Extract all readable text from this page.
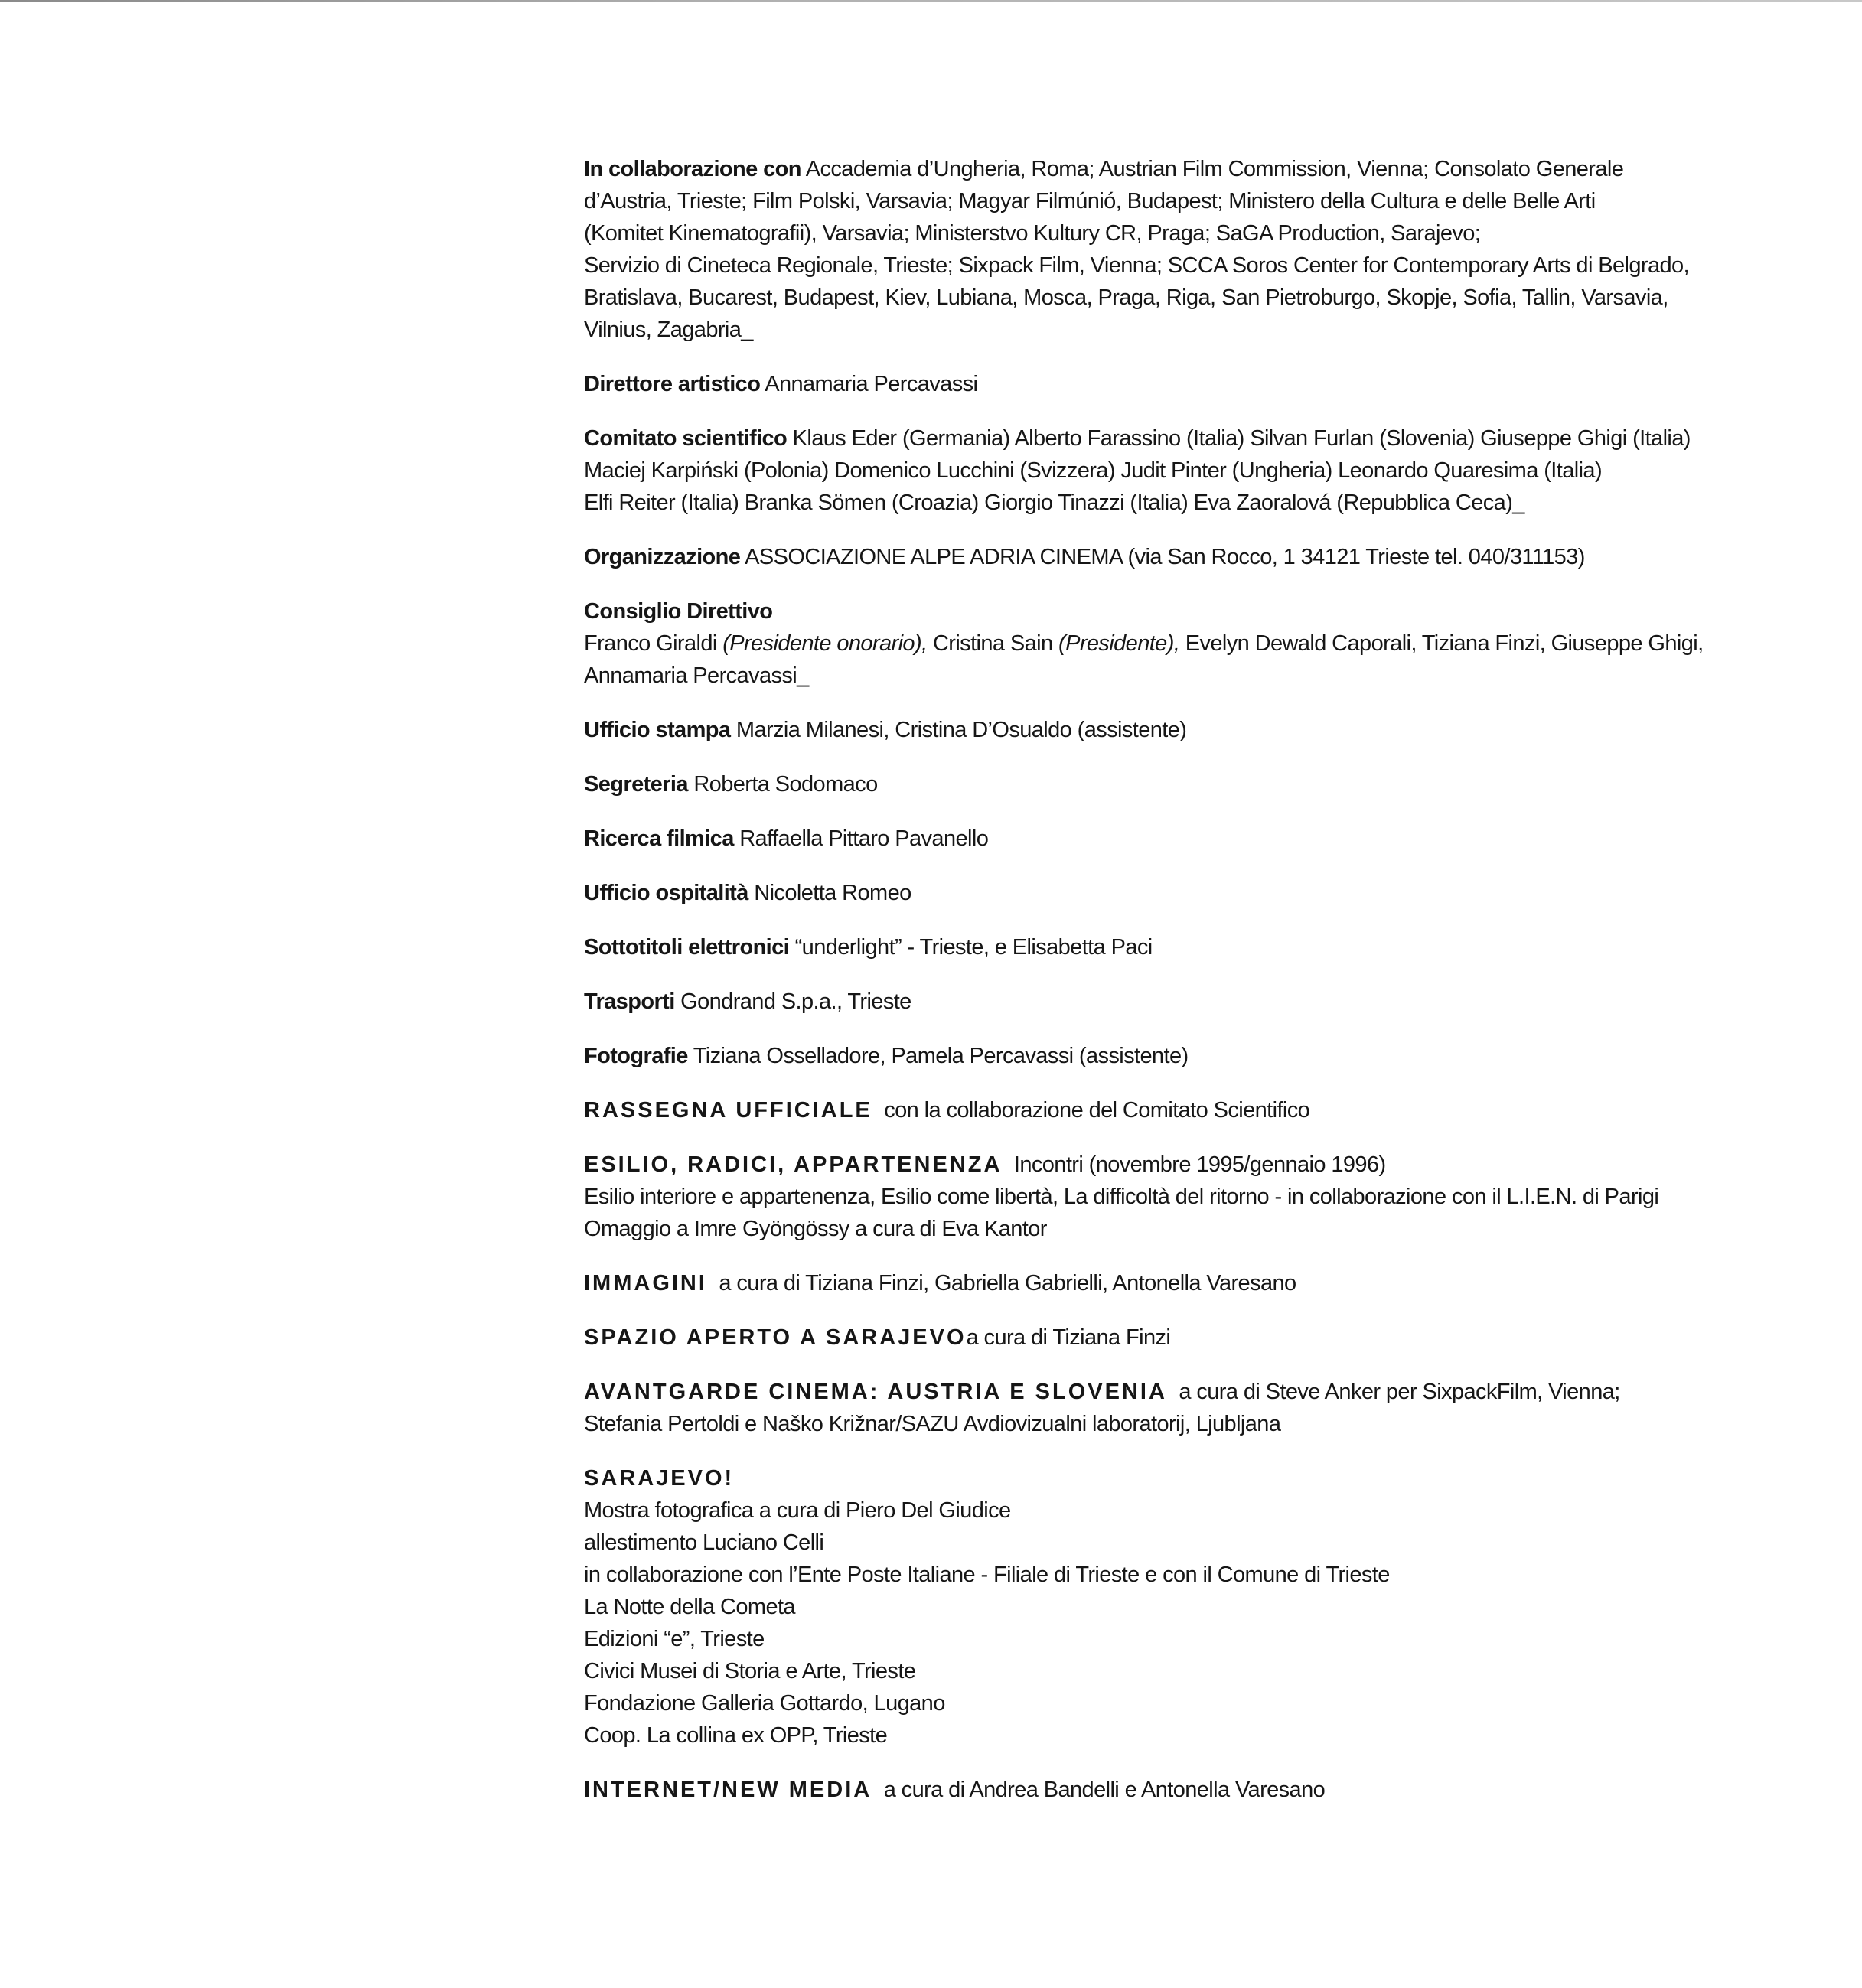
In collaborazione con Accademia d’Ungheria, Roma; Austrian Film Commission, Vienna; Consolato Generale
d’Austria, Trieste; Film Polski, Varsavia; Magyar Filmúnió, Budapest; Ministero della Cultura e delle Belle Arti
(Komitet Kinematografii), Varsavia; Ministerstvo Kultury CR, Praga; SaGA Production, Sarajevo;
Servizio di Cineteca Regionale, Trieste; Sixpack Film, Vienna; SCCA Soros Center for Contemporary Arts di Belgrado,
Bratislava, Bucarest, Budapest, Kiev, Lubiana, Mosca, Praga, Riga, San Pietroburgo, Skopje, Sofia, Tallin, Varsavia,
Vilnius, Zagabria_
Direttore artistico Annamaria Percavassi
Comitato scientifico Klaus Eder (Germania) Alberto Farassino (Italia) Silvan Furlan (Slovenia) Giuseppe Ghigi (Italia)
Maciej Karpiński (Polonia) Domenico Lucchini (Svizzera) Judit Pinter (Ungheria) Leonardo Quaresima (Italia)
Elfi Reiter (Italia) Branka Sömen (Croazia) Giorgio Tinazzi (Italia) Eva Zaoralová (Repubblica Ceca)_
Organizzazione ASSOCIAZIONE ALPE ADRIA CINEMA (via San Rocco, 1 34121 Trieste tel. 040/311153)
Consiglio Direttivo
Franco Giraldi (Presidente onorario), Cristina Sain (Presidente), Evelyn Dewald Caporali, Tiziana Finzi, Giuseppe Ghigi,
Annamaria Percavassi_
Ufficio stampa Marzia Milanesi, Cristina D’Osualdo (assistente)
Segreteria Roberta Sodomaco
Ricerca filmica Raffaella Pittaro Pavanello
Ufficio ospitalità Nicoletta Romeo
Sottotitoli elettronici “underlight” - Trieste, e Elisabetta Paci
Trasporti Gondrand S.p.a., Trieste
Fotografie Tiziana Osselladore, Pamela Percavassi (assistente)
RASSEGNA UFFICIALE con la collaborazione del Comitato Scientifico
ESILIO, RADICI, APPARTENENZA Incontri (novembre 1995/gennaio 1996)
Esilio interiore e appartenenza, Esilio come libertà, La difficoltà del ritorno - in collaborazione con il L.I.E.N. di Parigi
Omaggio a Imre Gyöngössy a cura di Eva Kantor
IMMAGINI a cura di Tiziana Finzi, Gabriella Gabrielli, Antonella Varesano
SPAZIO APERTO A SARAJEVOa cura di Tiziana Finzi
AVANTGARDE CINEMA: AUSTRIA E SLOVENIA a cura di Steve Anker per SixpackFilm, Vienna;
Stefania Pertoldi e Naško Križnar/SAZU Avdiovizualni laboratorij, Ljubljana
SARAJEVO!
Mostra fotografica a cura di Piero Del Giudice
allestimento Luciano Celli
in collaborazione con l’Ente Poste Italiane - Filiale di Trieste e con il Comune di Trieste
La Notte della Cometa
Edizioni “e”, Trieste
Civici Musei di Storia e Arte, Trieste
Fondazione Galleria Gottardo, Lugano
Coop. La collina ex OPP, Trieste
INTERNET/NEW MEDIA a cura di Andrea Bandelli e Antonella Varesano
